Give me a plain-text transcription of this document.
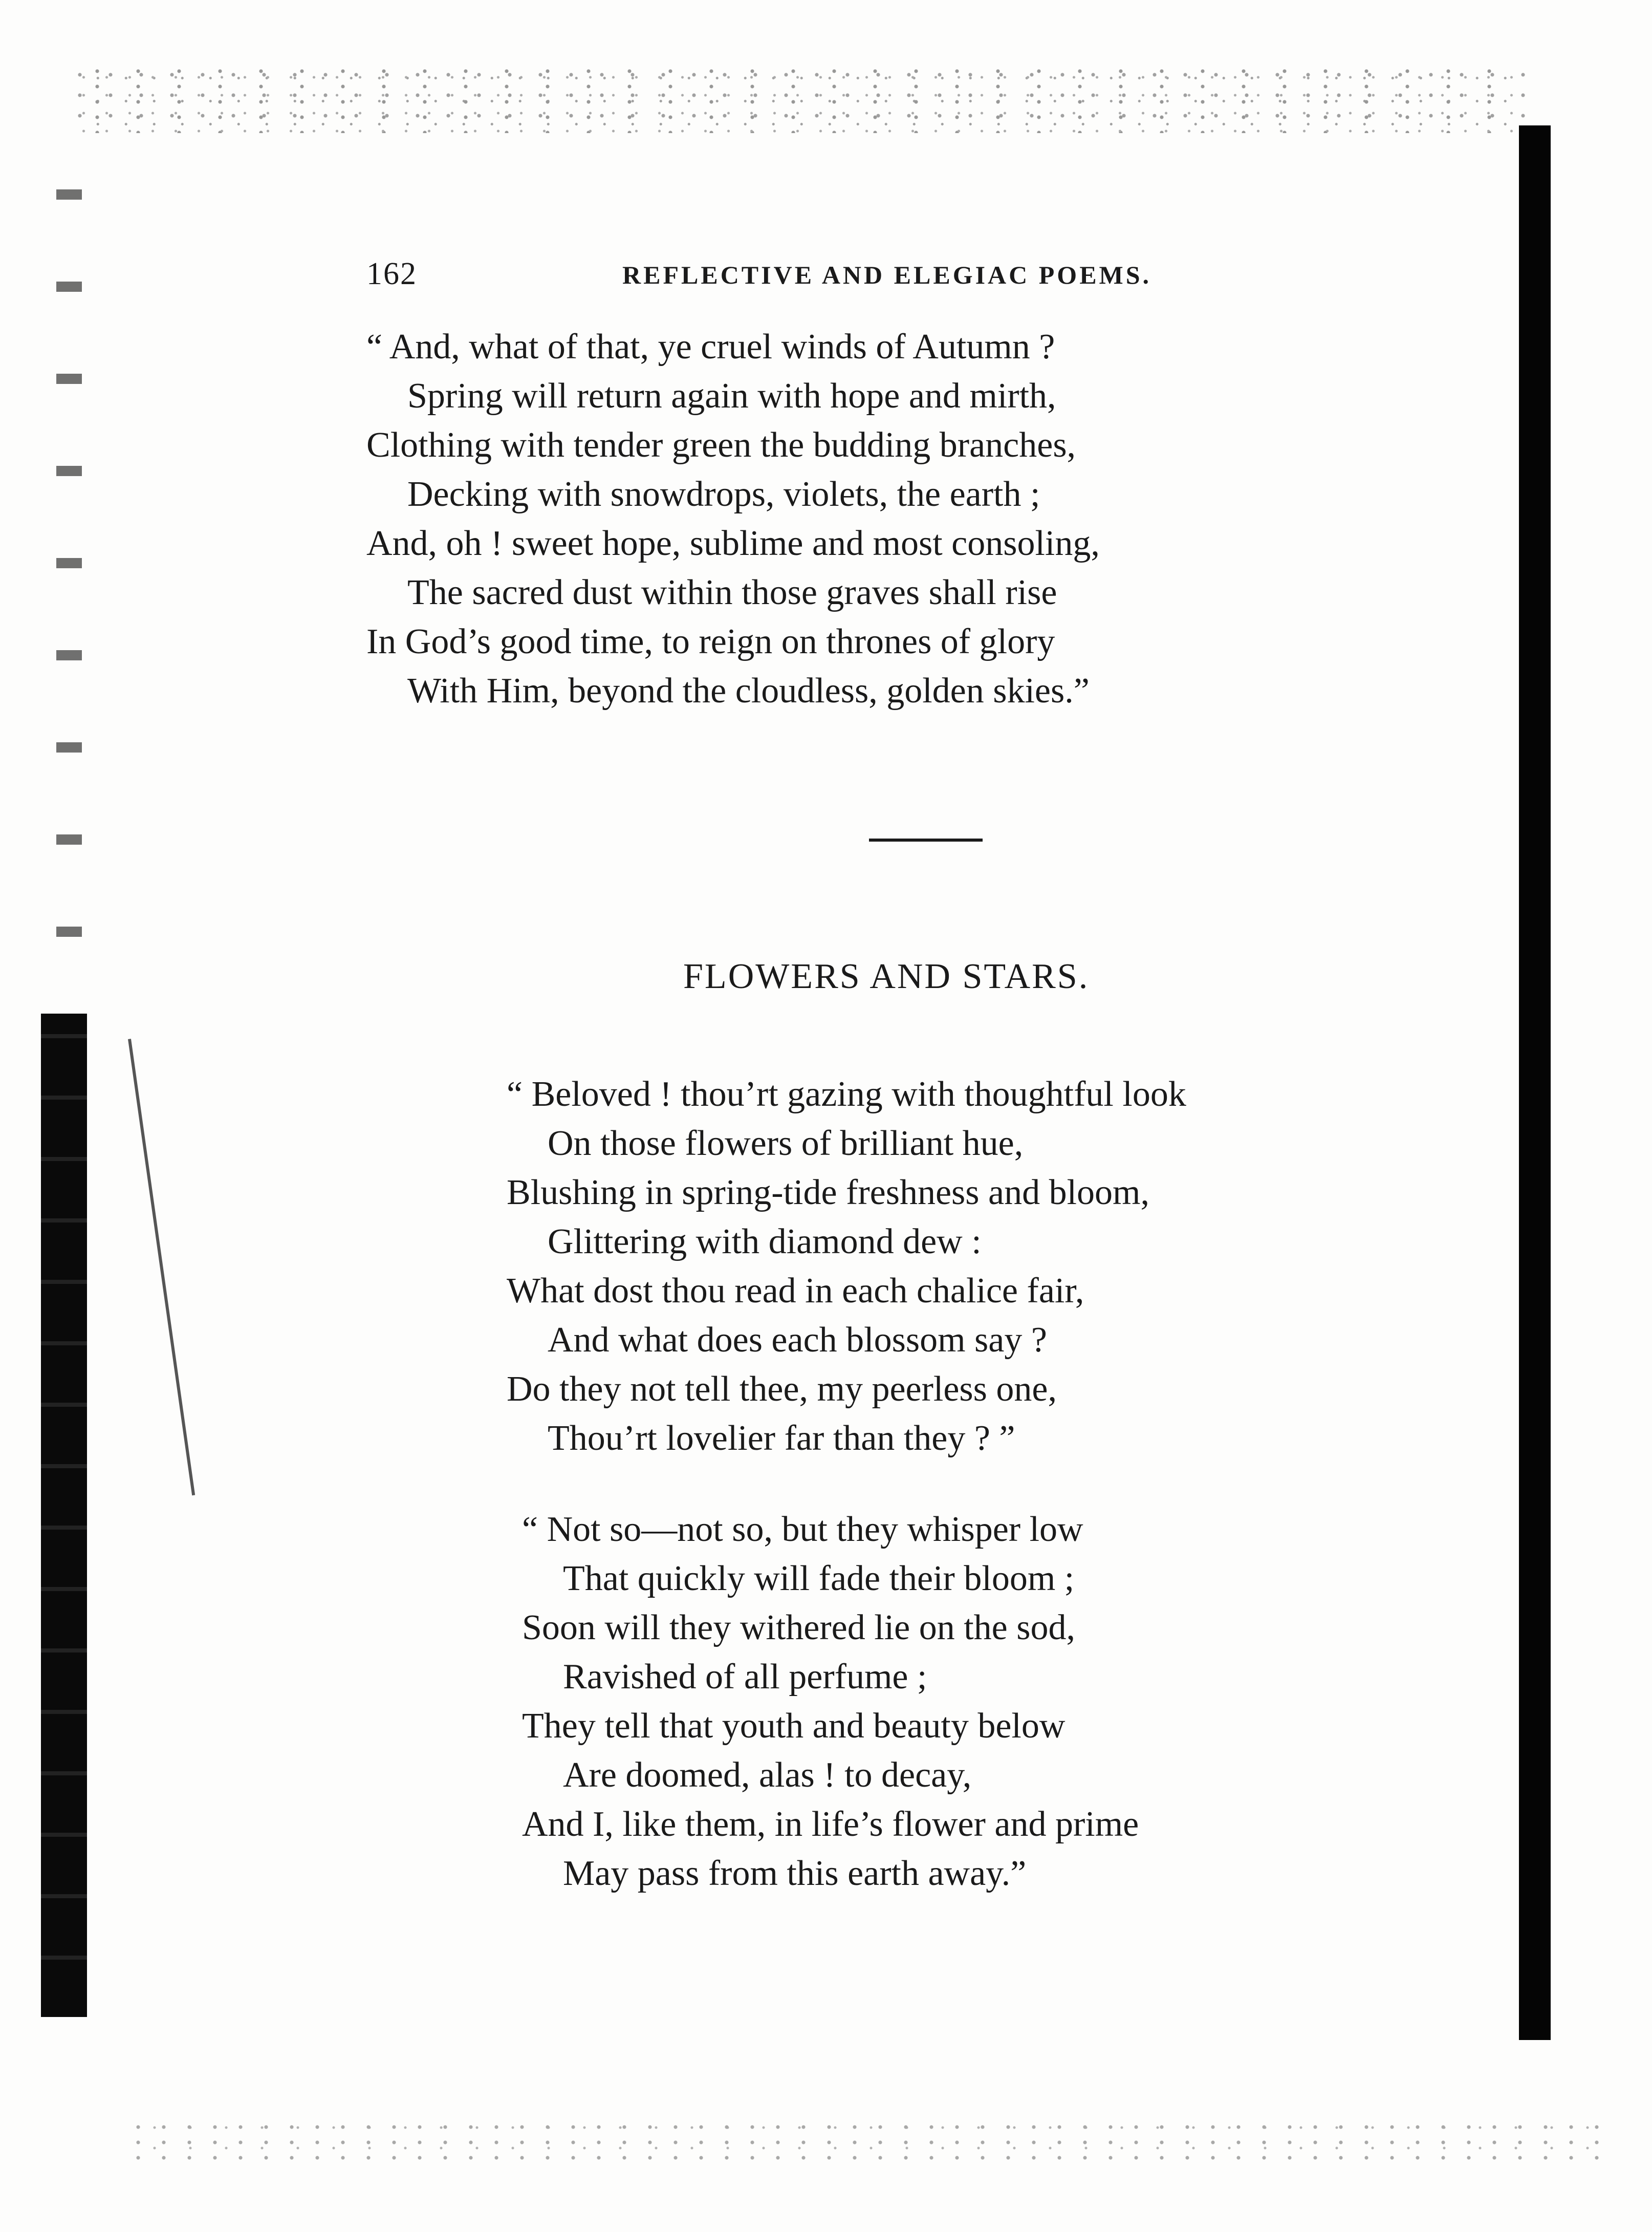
162	REFLECTIVE AND ELEGIAC POEMS.
“ And, what of that, ye cruel winds of Autumn ?
Spring will return again with hope and mirth,
Clothing with tender green the budding branches,
Decking with snowdrops, violets, the earth ;
And, oh ! sweet hope, sublime and most consoling,
The sacred dust within those graves shall rise
In God’s good time, to reign on thrones of glory
With Him, beyond the cloudless, golden skies.”
FLOWERS AND STARS.
“ Beloved ! thou’rt gazing with thoughtful look
On those flowers of brilliant hue,
Blushing in spring-tide freshness and bloom,
Glittering with diamond dew :
What dost thou read in each chalice fair,
And what does each blossom say ?
Do they not tell thee, my peerless one,
Thou’rt lovelier far than they ? ”
“ Not so—not so, but they whisper low
That quickly will fade their bloom ;
Soon will they withered lie on the sod,
Ravished of all perfume ;
They tell that youth and beauty below
Are doomed, alas ! to decay,
And I, like them, in life’s flower and prime
May pass from this earth away.”
